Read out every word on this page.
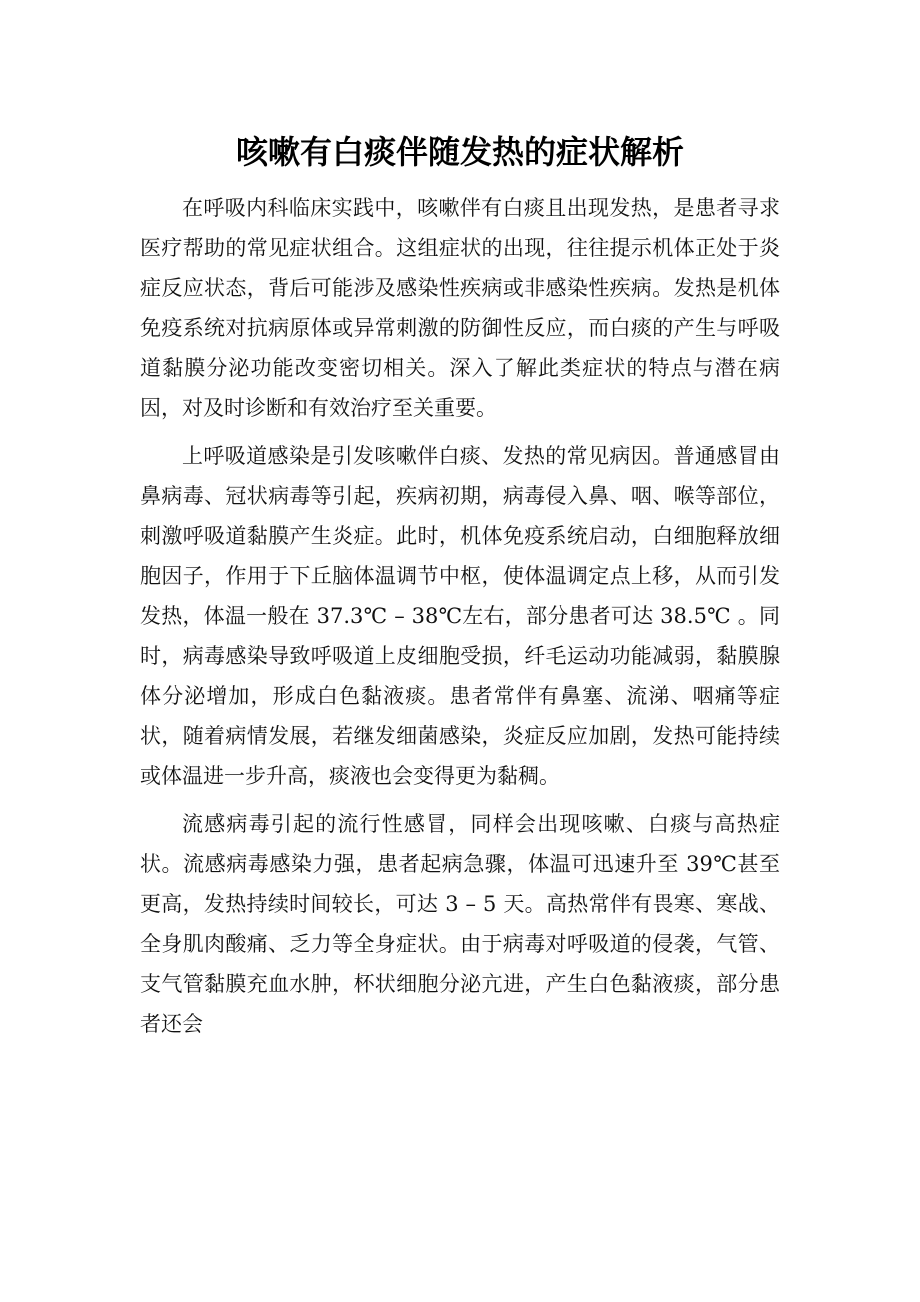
咳嗽有白痰伴随发热的症状解析

在呼吸内科临床实践中，咳嗽伴有白痰且出现发热，是患者寻求医疗帮助的常见症状组合。这组症状的出现，往往提示机体正处于炎症反应状态，背后可能涉及感染性疾病或非感染性疾病。发热是机体免疫系统对抗病原体或异常刺激的防御性反应，而白痰的产生与呼吸道黏膜分泌功能改变密切相关。深入了解此类症状的特点与潜在病因，对及时诊断和有效治疗至关重要。

上呼吸道感染是引发咳嗽伴白痰、发热的常见病因。普通感冒由鼻病毒、冠状病毒等引起，疾病初期，病毒侵入鼻、咽、喉等部位，刺激呼吸道黏膜产生炎症。此时，机体免疫系统启动，白细胞释放细胞因子，作用于下丘脑体温调节中枢，使体温调定点上移，从而引发发热，体温一般在 37.3℃ – 38℃左右，部分患者可达 38.5℃ 。同时，病毒感染导致呼吸道上皮细胞受损，纤毛运动功能减弱，黏膜腺体分泌增加，形成白色黏液痰。患者常伴有鼻塞、流涕、咽痛等症状，随着病情发展，若继发细菌感染，炎症反应加剧，发热可能持续或体温进一步升高，痰液也会变得更为黏稠。

流感病毒引起的流行性感冒，同样会出现咳嗽、白痰与高热症状。流感病毒感染力强，患者起病急骤，体温可迅速升至 39℃甚至更高，发热持续时间较长，可达 3 – 5 天。高热常伴有畏寒、寒战、全身肌肉酸痛、乏力等全身症状。由于病毒对呼吸道的侵袭，气管、支气管黏膜充血水肿，杯状细胞分泌亢进，产生白色黏液痰，部分患者还会
